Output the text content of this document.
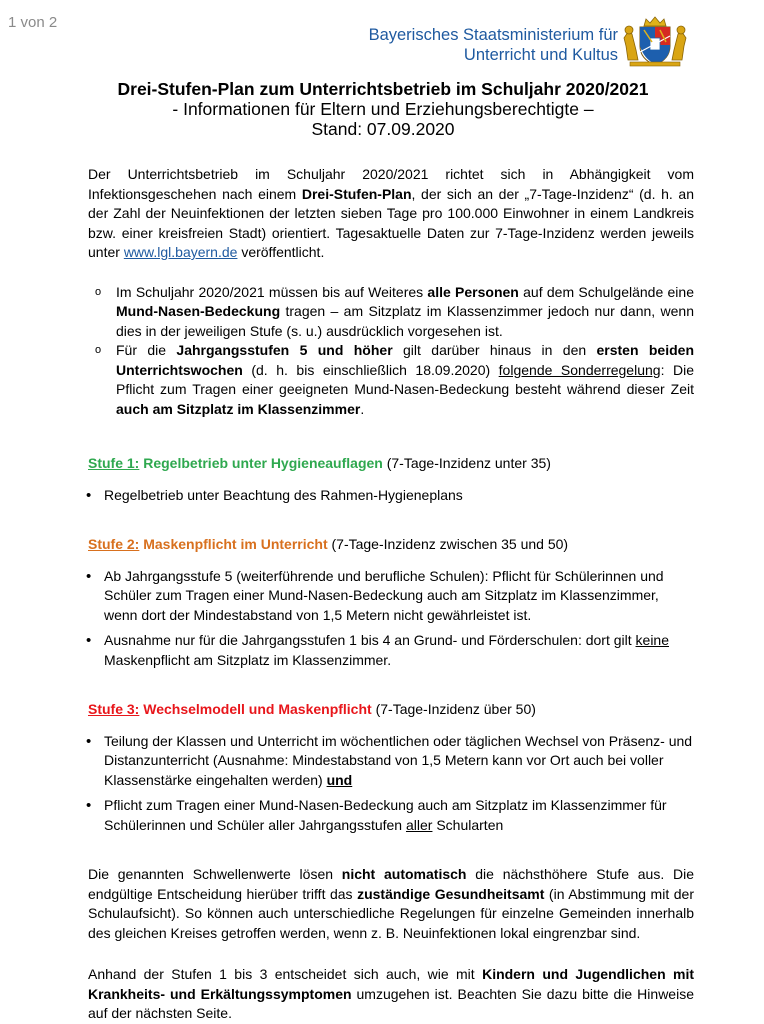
1 von 2
Bayerisches Staatsministerium für
Unterricht und Kultus
Drei-Stufen-Plan zum Unterrichtsbetrieb im Schuljahr 2020/2021
- Informationen für Eltern und Erziehungsberechtigte –
Stand: 07.09.2020

Der Unterrichtsbetrieb im Schuljahr 2020/2021 richtet sich in Abhängigkeit vom Infektionsgeschehen nach einem Drei-Stufen-Plan, der sich an der „7-Tage-Inzidenz“ (d. h. an der Zahl der Neuinfektionen der letzten sieben Tage pro 100.000 Einwohner in einem Landkreis bzw. einer kreisfreien Stadt) orientiert. Tagesaktuelle Daten zur 7-Tage-Inzidenz werden jeweils unter www.lgl.bayern.de veröffentlicht.

o Im Schuljahr 2020/2021 müssen bis auf Weiteres alle Personen auf dem Schulgelände eine Mund-Nasen-Bedeckung tragen – am Sitzplatz im Klassenzimmer jedoch nur dann, wenn dies in der jeweiligen Stufe (s. u.) ausdrücklich vorgesehen ist.
o Für die Jahrgangsstufen 5 und höher gilt darüber hinaus in den ersten beiden Unterrichtswochen (d. h. bis einschließlich 18.09.2020) folgende Sonderregelung: Die Pflicht zum Tragen einer geeigneten Mund-Nasen-Bedeckung besteht während dieser Zeit auch am Sitzplatz im Klassenzimmer.

Stufe 1: Regelbetrieb unter Hygieneauflagen (7-Tage-Inzidenz unter 35)

• Regelbetrieb unter Beachtung des Rahmen-Hygieneplans

Stufe 2: Maskenpflicht im Unterricht (7-Tage-Inzidenz zwischen 35 und 50)

• Ab Jahrgangsstufe 5 (weiterführende und berufliche Schulen): Pflicht für Schülerinnen und Schüler zum Tragen einer Mund-Nasen-Bedeckung auch am Sitzplatz im Klassenzimmer, wenn dort der Mindestabstand von 1,5 Metern nicht gewährleistet ist.
• Ausnahme nur für die Jahrgangsstufen 1 bis 4 an Grund- und Förderschulen: dort gilt keine Maskenpflicht am Sitzplatz im Klassenzimmer.

Stufe 3: Wechselmodell und Maskenpflicht (7-Tage-Inzidenz über 50)

• Teilung der Klassen und Unterricht im wöchentlichen oder täglichen Wechsel von Präsenz- und Distanzunterricht (Ausnahme: Mindestabstand von 1,5 Metern kann vor Ort auch bei voller Klassenstärke eingehalten werden) und
• Pflicht zum Tragen einer Mund-Nasen-Bedeckung auch am Sitzplatz im Klassenzimmer für Schülerinnen und Schüler aller Jahrgangsstufen aller Schularten

Die genannten Schwellenwerte lösen nicht automatisch die nächsthöhere Stufe aus. Die endgültige Entscheidung hierüber trifft das zuständige Gesundheitsamt (in Abstimmung mit der Schulaufsicht). So können auch unterschiedliche Regelungen für einzelne Gemeinden innerhalb des gleichen Kreises getroffen werden, wenn z. B. Neuinfektionen lokal eingrenzbar sind.

Anhand der Stufen 1 bis 3 entscheidet sich auch, wie mit Kindern und Jugendlichen mit Krankheits- und Erkältungssymptomen umzugehen ist. Beachten Sie dazu bitte die Hinweise auf der nächsten Seite.
